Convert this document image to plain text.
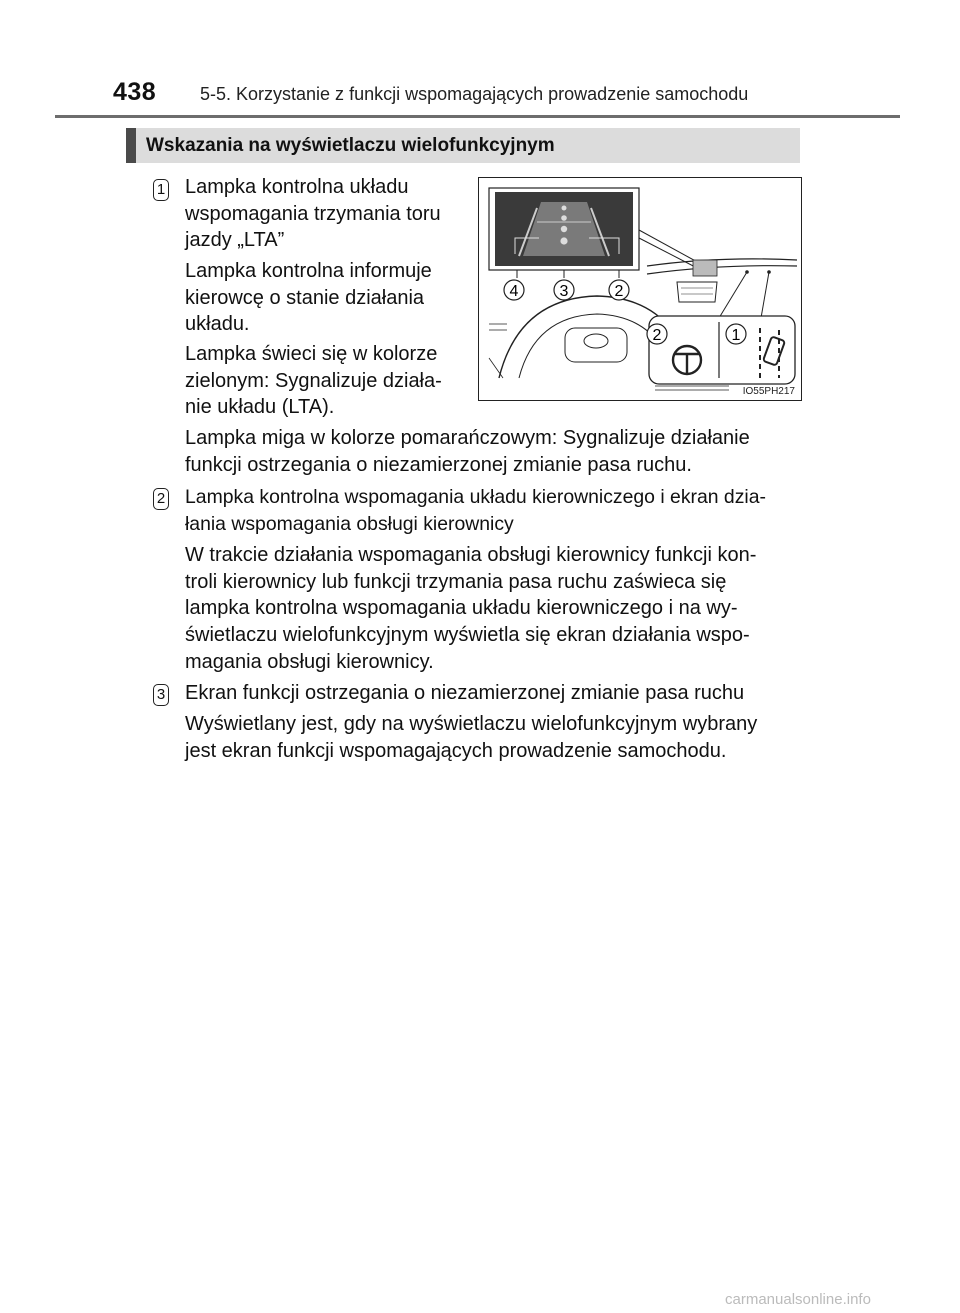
438 5-5. Korzystanie z funkcji wspomagających prowadzenie samochodu
Wskazania na wyświetlaczu wielofunkcyjnym
1 Lampka kontrolna układu

wspomagania trzymania toru

jazdy „LTA”

Lampka kontrolna informuje

kierowcę o stanie działania

układu.

Lampka świeci się w kolorze

zielonym: Sygnalizuje działa-

nie układu (LTA).

Lampka miga w kolorze pomarańczowym: Sygnalizuje działanie

funkcji ostrzegania o niezamierzonej zmianie pasa ruchu.

4	3	2
2	1
IO55PH217
2 Lampka kontrolna wspomagania układu kierowniczego i ekran dzia-

łania wspomagania obsługi kierownicy

W trakcie działania wspomagania obsługi kierownicy funkcji kon-

troli kierownicy lub funkcji trzymania pasa ruchu zaświeca się

lampka kontrolna wspomagania układu kierowniczego i na wy-

świetlaczu wielofunkcyjnym wyświetla się ekran działania wspo-

magania obsługi kierownicy.

3 Ekran funkcji ostrzegania o niezamierzonej zmianie pasa ruchu

Wyświetlany jest, gdy na wyświetlaczu wielofunkcyjnym wybrany

jest ekran funkcji wspomagających prowadzenie samochodu.

carmanualsonline.info
